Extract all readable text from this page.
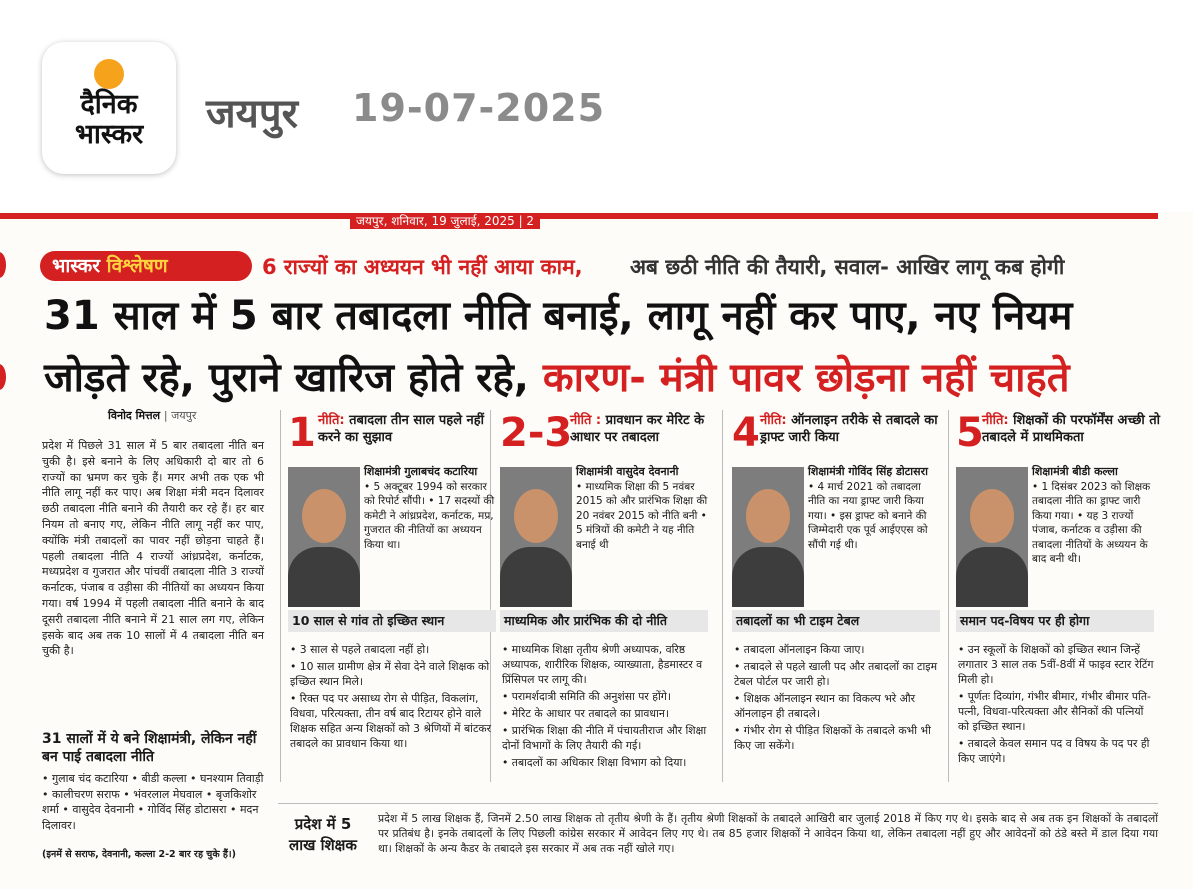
दैनिक
भास्कर	जयपुर 19-07-2025
जयपुर, शनिवार, 19 जुलाई, 2025 | 2
भास्कर विश्लेषण	6 राज्यों का अध्ययन भी नहीं आया काम, अब छठी नीति की तैयारी, सवाल- आखिर लागू कब होगी
31 साल में 5 बार तबादला नीति बनाई, लागू नहीं कर पाए, नए नियम
जोड़ते रहे, पुराने खारिज होते रहे, कारण- मंत्री पावर छोड़ना नहीं चाहते
विनोद मित्तल | जयपुर
प्रदेश में पिछले 31 साल में 5 बार तबादला नीति बन चुकी है। इसे बनाने के लिए अधिकारी दो बार तो 6 राज्यों का भ्रमण कर चुके हैं। मगर अभी तक एक भी नीति लागू नहीं कर पाए। अब शिक्षा मंत्री मदन दिलावर छठी तबादला नीति बनाने की तैयारी कर रहे हैं। हर बार नियम तो बनाए गए, लेकिन नीति लागू नहीं कर पाए, क्योंकि मंत्री तबादलों का पावर नहीं छोड़ना चाहते हैं। पहली तबादला नीति 4 राज्यों आंध्रप्रदेश, कर्नाटक, मध्यप्रदेश व गुजरात और पांचवीं तबादला नीति 3 राज्यों कर्नाटक, पंजाब व उड़ीसा की नीतियों का अध्ययन किया गया। वर्ष 1994 में पहली तबादला नीति बनाने के बाद दूसरी तबादला नीति बनाने में 21 साल लग गए, लेकिन इसके बाद अब तक 10 सालों में 4 तबादला नीति बन चुकी है।
31 सालों में ये बने शिक्षामंत्री, लेकिन नहीं बन पाई तबादला नीति
• गुलाब चंद कटारिया • बीडी कल्ला • घनश्याम तिवाड़ी • कालीचरण सराफ • भंवरलाल मेघवाल • बृजकिशोर शर्मा • वासुदेव देवनानी • गोविंद सिंह डोटासरा • मदन दिलावर।
(इनमें से सराफ, देवनानी, कल्ला 2-2 बार रह चुके हैं।)
1 नीति: तबादला तीन साल पहले नहीं करने का सुझाव
शिक्षामंत्री गुलाबचंद कटारिया
• 5 अक्टूबर 1994 को सरकार को रिपोर्ट सौंपी। • 17 सदस्यों की कमेटी ने आंध्रप्रदेश, कर्नाटक, मप्र, गुजरात की नीतियों का अध्ययन किया था।
10 साल से गांव तो इच्छित स्थान
• 3 साल से पहले तबादला नहीं हो।
• 10 साल ग्रामीण क्षेत्र में सेवा देने वाले शिक्षक को इच्छित स्थान मिले।
• रिक्त पद पर असाध्य रोग से पीड़ित, विकलांग, विधवा, परित्यक्ता, तीन वर्ष बाद रिटायर होने वाले शिक्षक सहित अन्य शिक्षकों को 3 श्रेणियों में बांटकर तबादले का प्रावधान किया था।
2-3
नीति : प्रावधान कर मेरिट के आधार पर तबादला
शिक्षामंत्री वासुदेव देवनानी
• माध्यमिक शिक्षा की 5 नवंबर 2015 को और प्रारंभिक शिक्षा की 20 नवंबर 2015 को नीति बनी • 5 मंत्रियों की कमेटी ने यह नीति बनाई थी
माध्यमिक और प्रारंभिक की दो नीति
• माध्यमिक शिक्षा तृतीय श्रेणी अध्यापक, वरिष्ठ अध्यापक, शारीरिक शिक्षक, व्याख्याता, हैडमास्टर व प्रिंसिपल पर लागू की।
• परामर्शदात्री समिति की अनुशंसा पर होंगे।
• मेरिट के आधार पर तबादले का प्रावधान।
• प्रारंभिक शिक्षा की नीति में पंचायतीराज और शिक्षा दोनों विभागों के लिए तैयारी की गई।
• तबादलों का अधिकार शिक्षा विभाग को दिया।
4 नीति: ऑनलाइन तरीके से तबादले का ड्राफ्ट जारी किया
शिक्षामंत्री गोविंद सिंह डोटासरा
• 4 मार्च 2021 को तबादला नीति का नया ड्राफ्ट जारी किया गया। • इस ड्राफ्ट को बनाने की जिम्मेदारी एक पूर्व आईएएस को सौंपी गई थी।
तबादलों का भी टाइम टेबल
• तबादला ऑनलाइन किया जाए।
• तबादले से पहले खाली पद और तबादलों का टाइम टेबल पोर्टल पर जारी हो।
• शिक्षक ऑनलाइन स्थान का विकल्प भरे और ऑनलाइन ही तबादले।
• गंभीर रोग से पीड़ित शिक्षकों के तबादले कभी भी किए जा सकेंगे।
5
नीति: शिक्षकों की परफॉर्मेंस अच्छी तो तबादले में प्राथमिकता
शिक्षामंत्री बीडी कल्ला
• 1 दिसंबर 2023 को शिक्षक तबादला नीति का ड्राफ्ट जारी किया गया। • यह 3 राज्यों पंजाब, कर्नाटक व उड़ीसा की तबादला नीतियों के अध्ययन के बाद बनी थी।
समान पद-विषय पर ही होगा
• उन स्कूलों के शिक्षकों को इच्छित स्थान जिन्हें लगातार 3 साल तक 5वीं-8वीं में फाइव स्टार रेटिंग मिली हो।
• पूर्णतः दिव्यांग, गंभीर बीमार, गंभीर बीमार पति-पत्नी, विधवा-परित्यक्ता और सैनिकों की पत्नियों को इच्छित स्थान।
• तबादले केवल समान पद व विषय के पद पर ही किए जाएंगे।
प्रदेश में 5
लाख शिक्षक
प्रदेश में 5 लाख शिक्षक हैं, जिनमें 2.50 लाख शिक्षक तो तृतीय श्रेणी के हैं। तृतीय श्रेणी शिक्षकों के तबादले आखिरी बार जुलाई 2018 में किए गए थे। इसके बाद से अब तक इन शिक्षकों के तबादलों पर प्रतिबंध है। इनके तबादलों के लिए पिछली कांग्रेस सरकार में आवेदन लिए गए थे। तब 85 हजार शिक्षकों ने आवेदन किया था, लेकिन तबादला नहीं हुए और आवेदनों को ठंडे बस्ते में डाल दिया गया था। शिक्षकों के अन्य कैडर के तबादले इस सरकार में अब तक नहीं खोले गए।
